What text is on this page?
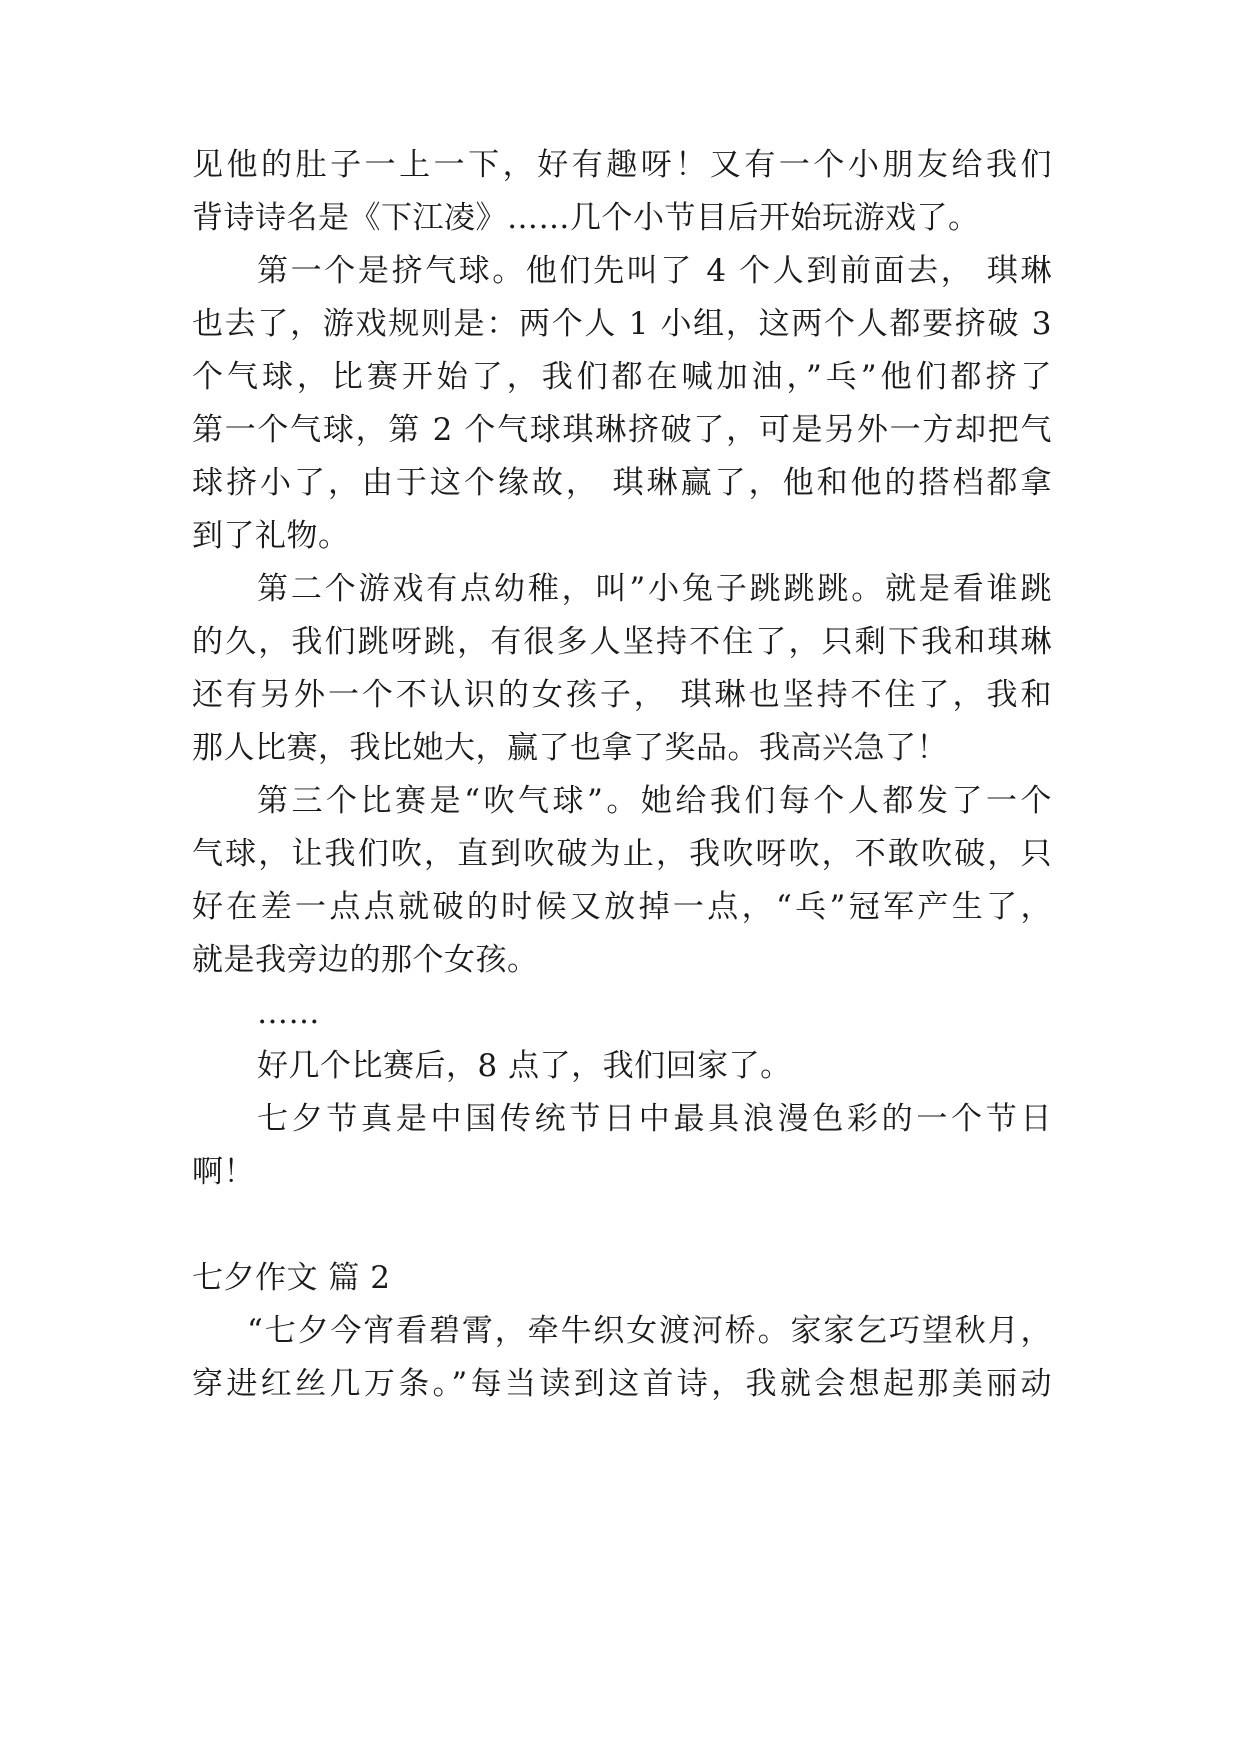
见他的肚子一上一下，好有趣呀！又有一个小朋友给我们
背诗诗名是《下江凌》……几个小节目后开始玩游戏了。
第一个是挤气球。他们先叫了 4 个人到前面去， 琪琳
也去了，游戏规则是：两个人 1 小组，这两个人都要挤破 3
个气球，比赛开始了，我们都在喊加油，”乓”他们都挤了
第一个气球，第 2 个气球琪琳挤破了，可是另外一方却把气
球挤小了，由于这个缘故， 琪琳赢了，他和他的搭档都拿
到了礼物。
第二个游戏有点幼稚，叫”小兔子跳跳跳。就是看谁跳
的久，我们跳呀跳，有很多人坚持不住了，只剩下我和琪琳
还有另外一个不认识的女孩子， 琪琳也坚持不住了，我和
那人比赛，我比她大，赢了也拿了奖品。我高兴急了！
第三个比赛是“吹气球”。她给我们每个人都发了一个
气球，让我们吹，直到吹破为止，我吹呀吹，不敢吹破，只
好在差一点点就破的时候又放掉一点，“乓”冠军产生了，
就是我旁边的那个女孩。
……
好几个比赛后，8 点了，我们回家了。
七夕节真是中国传统节日中最具浪漫色彩的一个节日
啊！
七夕作文 篇 2
“七夕今宵看碧霄，牵牛织女渡河桥。家家乞巧望秋月，
穿进红丝几万条。”每当读到这首诗，我就会想起那美丽动
